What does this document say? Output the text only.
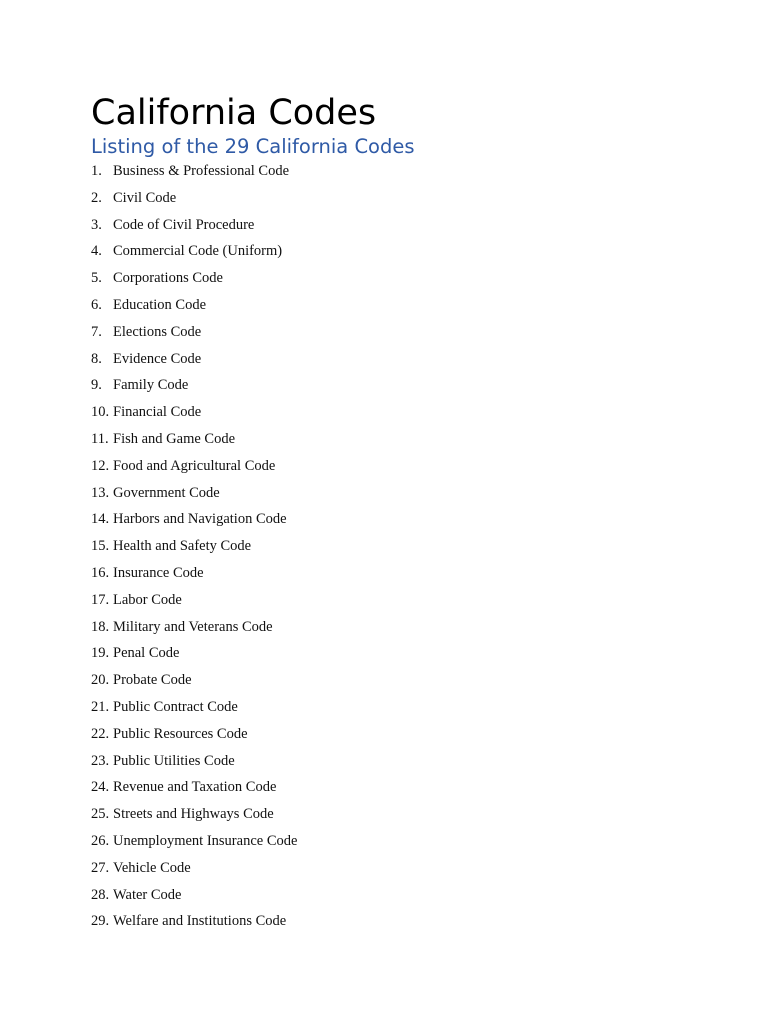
California Codes
Listing of the 29 California Codes
1. Business & Professional Code
2. Civil Code
3. Code of Civil Procedure
4. Commercial Code (Uniform)
5. Corporations Code
6. Education Code
7. Elections Code
8. Evidence Code
9. Family Code
10. Financial Code
11. Fish and Game Code
12. Food and Agricultural Code
13. Government Code
14. Harbors and Navigation Code
15. Health and Safety Code
16. Insurance Code
17. Labor Code
18. Military and Veterans Code
19. Penal Code
20. Probate Code
21. Public Contract Code
22. Public Resources Code
23. Public Utilities Code
24. Revenue and Taxation Code
25. Streets and Highways Code
26. Unemployment Insurance Code
27. Vehicle Code
28. Water Code
29. Welfare and Institutions Code
